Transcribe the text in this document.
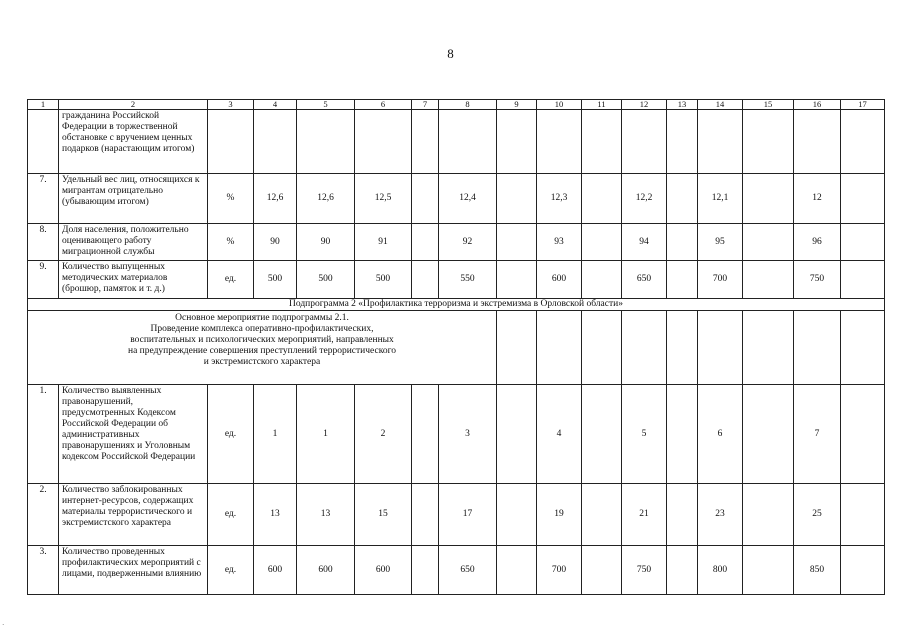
8
1	2	3	4	5	6	7	8	9	10	11	12	13	14	15	16	17
	гражданина Российской Федерации в торжественной обстановке с вручением ценных подарков (нарастающим итогом)															
7.	Удельный вес лиц, относящихся к мигрантам отрицательно (убывающим итогом)	%	12,6	12,6	12,5		12,4		12,3		12,2		12,1		12	
8.	Доля населения, положительно оценивающего работу миграционной службы	%	90	90	91		92		93		94		95		96	
9.	Количество выпущенных методических материалов (брошюр, памяток и т. д.)	ед.	500	500	500		550		600		650		700		750	
Подпрограмма 2 «Профилактика терроризма и экстремизма в Орловской области»																

Основное мероприятие подпрограммы 2.1.
Проведение комплекса оперативно-профилактических,
воспитательных и психологических мероприятий, направленных
на предупреждение совершения преступлений террористического
и экстремистского характера																

1.	Количество выявленных правонарушений, предусмотренных Кодексом Российской Федерации об административных правонарушениях и Уголовным кодексом Российской Федерации	ед.	1	1	2		3		4		5		6		7	
2.	Количество заблокированных интернет-ресурсов, содержащих материалы террористического и экстремистского характера	ед.	13	13	15		17		19		21		23		25	
3.	Количество проведенных профилактических мероприятий с лицами, подверженными влиянию	ед.	600	600	600		650		700		750		800		850	
·
